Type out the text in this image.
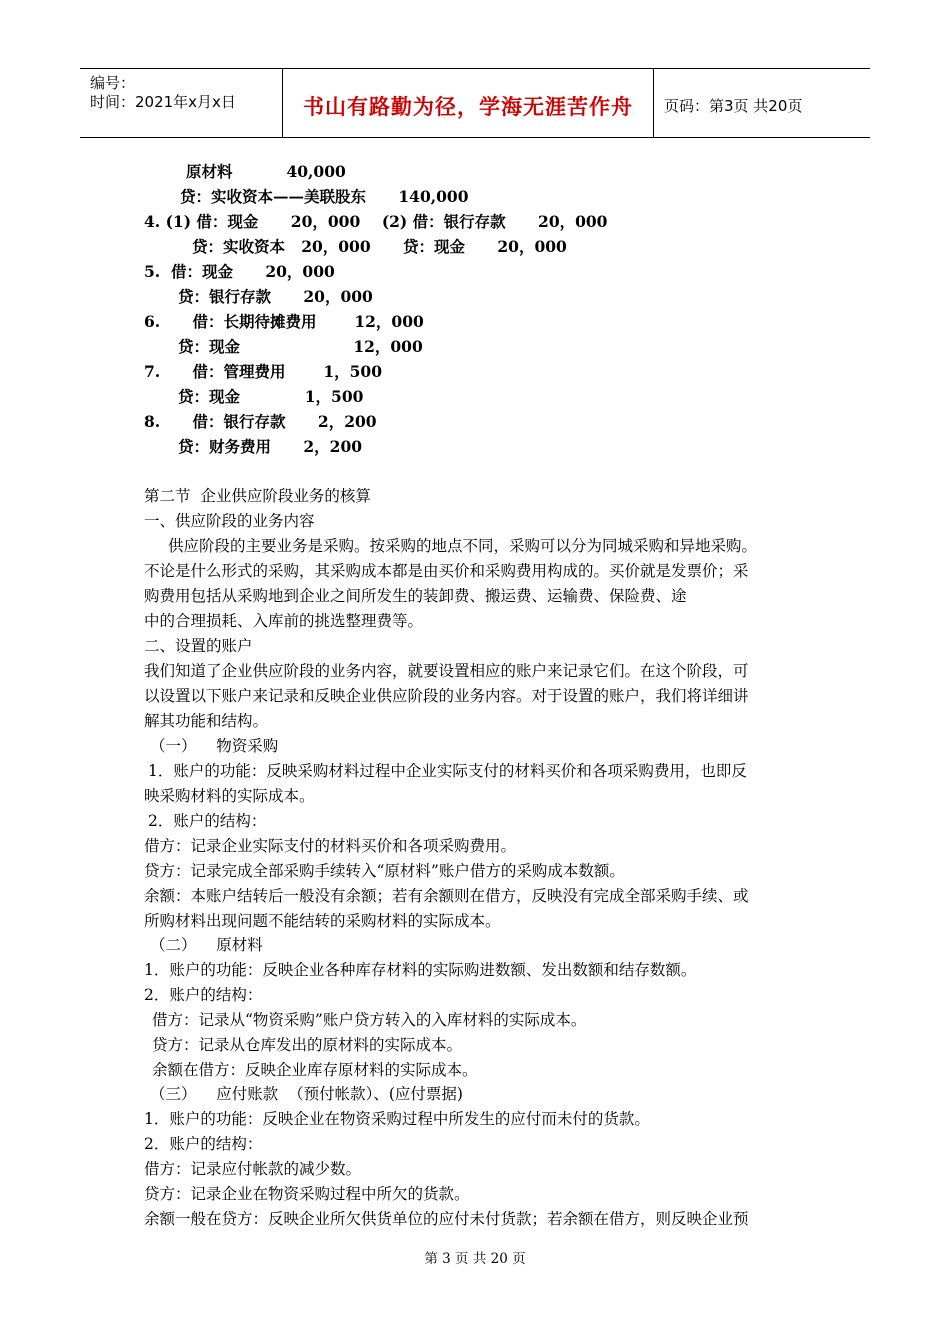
编号：
时间：2021年x月x日	书山有路勤为径，学海无涯苦作舟	页码：第3页 共20页
原材料          40,000
贷：实收资本——美联股东      140,000
4. (1) 借：现金      20，000    (2) 借：银行存款      20，000
贷：实收资本   20，000      贷：现金      20，000
5.  借：现金      20，000
贷：银行存款      20，000
6.      借：长期待摊费用       12，000
贷：现金                     12，000
7.      借：管理费用       1，500
贷：现金            1，500
8.      借：银行存款      2，200
贷：财务费用      2，200
第二节  企业供应阶段业务的核算
一、供应阶段的业务内容
供应阶段的主要业务是采购。按采购的地点不同，采购可以分为同城采购和异地采购。
不论是什么形式的采购，其采购成本都是由买价和采购费用构成的。买价就是发票价；采
购费用包括从采购地到企业之间所发生的装卸费、搬运费、运输费、保险费、途
中的合理损耗、入库前的挑选整理费等。
二、设置的账户
我们知道了企业供应阶段的业务内容，就要设置相应的账户来记录它们。在这个阶段，可
以设置以下账户来记录和反映企业供应阶段的业务内容。对于设置的账户，我们将详细讲
解其功能和结构。
（一）    物资采购
1．账户的功能：反映采购材料过程中企业实际支付的材料买价和各项采购费用，也即反
映采购材料的实际成本。
2．账户的结构：
借方：记录企业实际支付的材料买价和各项采购费用。
贷方：记录完成全部采购手续转入“原材料”账户借方的采购成本数额。
余额：本账户结转后一般没有余额；若有余额则在借方，反映没有完成全部采购手续、或
所购材料出现问题不能结转的采购材料的实际成本。
（二）    原材料
1．账户的功能：反映企业各种库存材料的实际购进数额、发出数额和结存数额。
2．账户的结构：
借方：记录从“物资采购”账户贷方转入的入库材料的实际成本。
贷方：记录从仓库发出的原材料的实际成本。
余额在借方：反映企业库存原材料的实际成本。
（三）    应付账款  （预付帐款）、(应付票据)
1．账户的功能：反映企业在物资采购过程中所发生的应付而未付的货款。
2．账户的结构：
借方：记录应付帐款的减少数。
贷方：记录企业在物资采购过程中所欠的货款。
余额一般在贷方：反映企业所欠供货单位的应付未付货款；若余额在借方，则反映企业预
第 3 页 共 20 页
